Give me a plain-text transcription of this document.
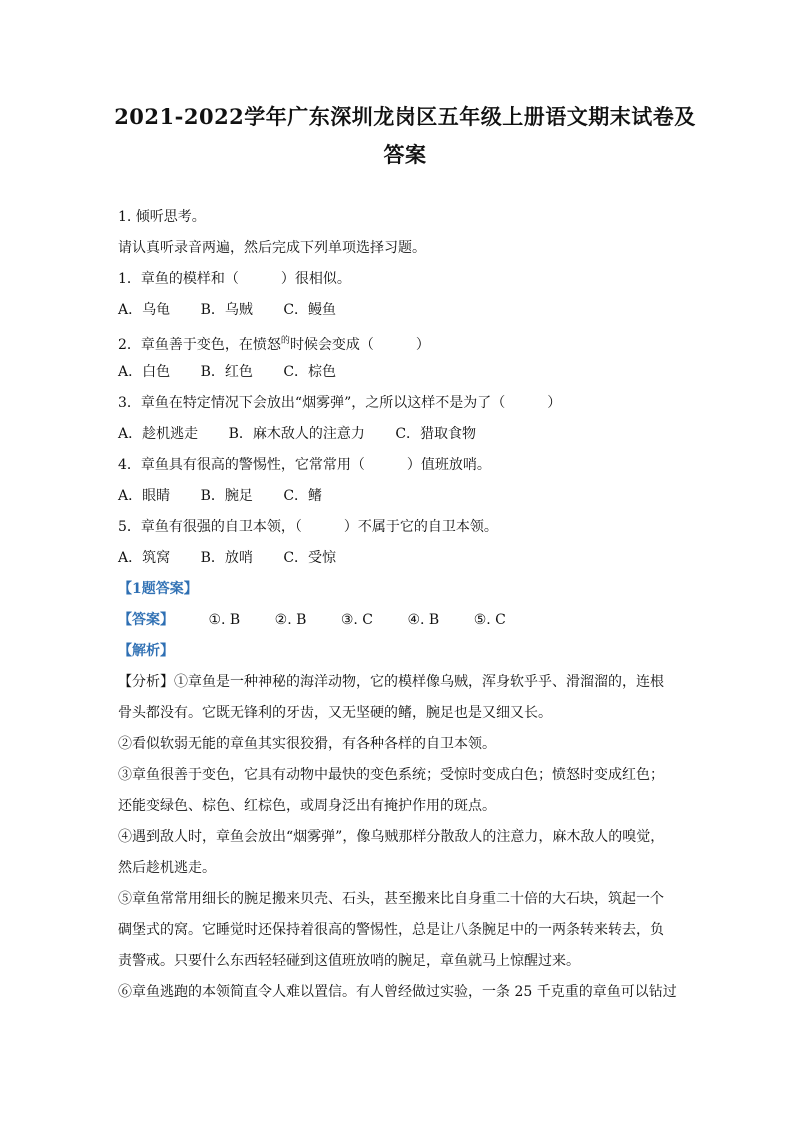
2021-2022学年广东深圳龙岗区五年级上册语文期末试卷及
答案
1. 倾听思考。
请认真听录音两遍，然后完成下列单项选择习题。
1．章鱼的模样和（　　　）很相似。
A．乌龟 B．乌贼 C．鳗鱼
2．章鱼善于变色，在愤怒$^的$时候会变成（　　　）
A．白色 B．红色 C．棕色
3．章鱼在特定情况下会放出“烟雾弹”，之所以这样不是为了（　　　）
A．趁机逃走 B．麻木敌人的注意力 C．猎取食物
4．章鱼具有很高的警惕性，它常常用（　　　）值班放哨。
A．眼睛 B．腕足 C．鳍
5．章鱼有很强的自卫本领，（　　　）不属于它的自卫本领。
A．筑窝 B．放哨 C．受惊
【1题答案】
【答案】 ①. B ②. B ③. C ④. B ⑤. C
【解析】
【分析】①章鱼是一种神秘的海洋动物，它的模样像乌贼，浑身软乎乎、滑溜溜的，连根
骨头都没有。它既无锋利的牙齿，又无坚硬的鳍，腕足也是又细又长。
②看似软弱无能的章鱼其实很狡猾，有各种各样的自卫本领。
③章鱼很善于变色，它具有动物中最快的变色系统；受惊时变成白色；愤怒时变成红色；
还能变绿色、棕色、红棕色，或周身泛出有掩护作用的斑点。
④遇到敌人时，章鱼会放出“烟雾弹”，像乌贼那样分散敌人的注意力，麻木敌人的嗅觉，
然后趁机逃走。
⑤章鱼常常用细长的腕足搬来贝壳、石头，甚至搬来比自身重二十倍的大石块，筑起一个
碉堡式的窝。它睡觉时还保持着很高的警惕性，总是让八条腕足中的一两条转来转去，负
责警戒。只要什么东西轻轻碰到这值班放哨的腕足，章鱼就马上惊醒过来。
⑥章鱼逃跑的本领简直令人难以置信。有人曾经做过实验，一条 25 千克重的章鱼可以钻过
